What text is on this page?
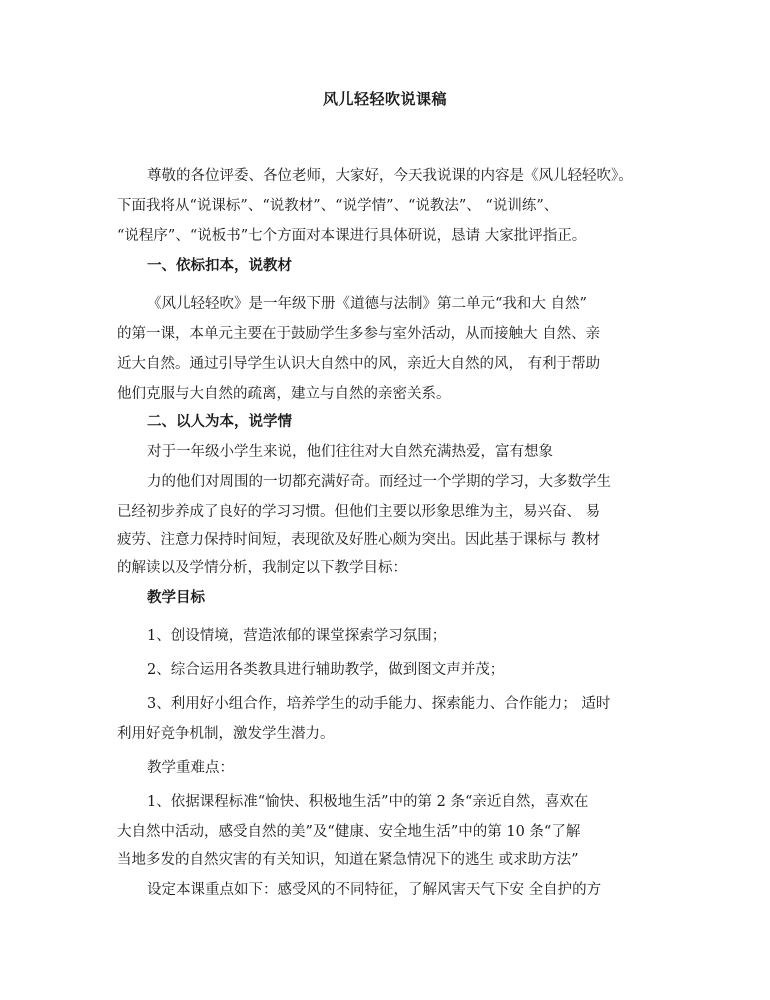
风儿轻轻吹说课稿
尊敬的各位评委、各位老师，大家好，今天我说课的内容是《风儿轻轻吹》。
下面我将从“说课标”、“说教材”、“说学情”、“说教法”、 “说训练”、
“说程序”、“说板书”七个方面对本课进行具体研说，恳请 大家批评指正。
一、依标扣本，说教材
《风儿轻轻吹》是一年级下册《道德与法制》第二单元“我和大 自然”
的第一课，本单元主要在于鼓励学生多参与室外活动，从而接触大 自然、亲
近大自然。通过引导学生认识大自然中的风，亲近大自然的风， 有利于帮助
他们克服与大自然的疏离，建立与自然的亲密关系。
二、以人为本，说学情
对于一年级小学生来说，他们往往对大自然充满热爱，富有想象
力的他们对周围的一切都充满好奇。而经过一个学期的学习，大多数学生
已经初步养成了良好的学习习惯。但他们主要以形象思维为主，易兴奋、 易
疲劳、注意力保持时间短，表现欲及好胜心颇为突出。因此基于课标与 教材
的解读以及学情分析，我制定以下教学目标：
教学目标
1、创设情境，营造浓郁的课堂探索学习氛围；
2、综合运用各类教具进行辅助教学，做到图文声并茂；
3、利用好小组合作，培养学生的动手能力、探索能力、合作能力； 适时
利用好竞争机制，激发学生潜力。
教学重难点：
1、依据课程标准“愉快、积极地生活”中的第 2 条“亲近自然，喜欢在
大自然中活动，感受自然的美”及“健康、安全地生活”中的第 10 条“了解
当地多发的自然灾害的有关知识，知道在紧急情况下的逃生 或求助方法”
设定本课重点如下：感受风的不同特征，了解风害天气下安 全自护的方
